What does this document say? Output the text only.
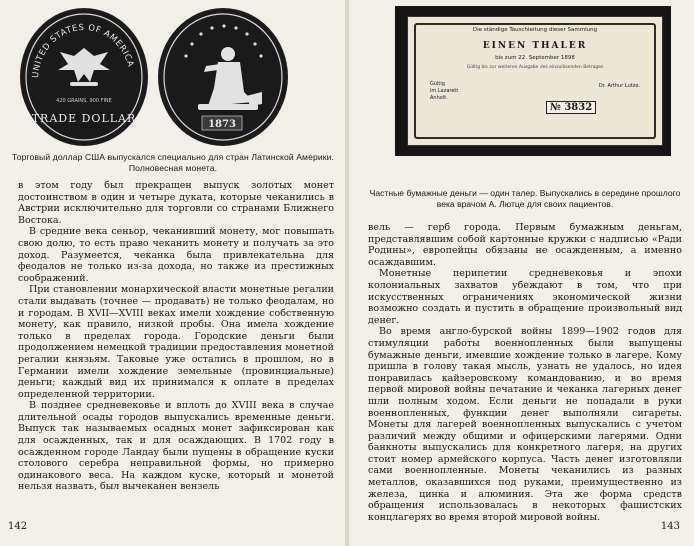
UNITED STATES OF AMERICA
420 GRAINS, 900 FINE
TRADE DOLLAR	1873
Торговый доллар США выпускался специально для стран Латинской Америки. Полновесная монета.

в этом году был прекращен выпуск золотых монет достоинством в один и четыре дуката, которые чеканились в Австрии исключительно для торговли со странами Ближнего Востока.

В средние века сеньор, чеканивший монету, мог повышать свою долю, то есть право чеканить монету и получать за это доход. Разумеется, чеканка была привлекательна для феодалов не только из-за дохода, но также из престижных соображений.

При становлении монархической власти монетные регалии стали выдавать (точнее — продавать) не только феодалам, но и городам. В XVII—XVIII веках имели хождение собственную монету, как правило, низкой пробы. Она имела хождение только в пределах города. Городские деньги были продолжением немецкой традиции предоставления монетной регалии князьям. Таковые уже остались в прошлом, но в Германии имели хождение земельные (провинциальные) деньги; каждый вид их принимался к оплате в пределах определенной территории.

В позднее средневековье и вплоть до XVIII века в случае длительной осады городов выпускались временные деньги. Выпуск так называемых осадных монет зафиксирован как для осажденных, так и для осаждающих. В 1702 году в осажденном городе Ландау были пущены в обращение куски столового серебра неправильной формы, но примерно одинакового веса. На каждом куске, который и монетой нельзя назвать, был вычеканен вензель

142
Die ständige Tauschleitung dieser Sammlung
EINEN THALER
bis zum 22. September 1898
Gültig bis zur weiteren Ausgabe des einzulösenden Betrages
Gültig
im Lazarett
Anholt.
Dr. Arthur Lutze.
№ 3832
Частные бумажные деньги — один талер. Выпускались в середине прошлого века врачом А. Лютце для своих пациентов.

вель — герб города. Первым бумажным деньгам, представлявшим собой картонные кружки с надписью «Ради Родины», европейцы обязаны не осажденным, а именно осаждавшим.

Монетные перипетии средневековья и эпохи колониальных захватов убеждают в том, что при искусственных ограничениях экономической жизни возможно создать и пустить в обращение произвольный вид денег.

Во время англо-бурской войны 1899—1902 годов для стимуляции работы военнопленных были выпущены бумажные деньги, имевшие хождение только в лагере. Кому пришла в голову такая мысль, узнать не удалось, но идея понравилась кайзеровскому командованию, и во время первой мировой войны печатание и чеканка лагерных денег шли полным ходом. Если деньги не попадали в руки военнопленных, функции денег выполняли сигареты. Монеты для лагерей военнопленных выпускались с учетом различий между общими и офицерскими лагерями. Одни банкноты выпускались для конкретного лагеря, на других стоит номер армейского корпуса. Часть денег изготовляли сами военнопленные. Монеты чеканились из разных металлов, оказавшихся под руками, преимущественно из железа, цинка и алюминия. Эта же форма средств обращения использовалась в некоторых фашистских концлагерях во время второй мировой войны.

143
